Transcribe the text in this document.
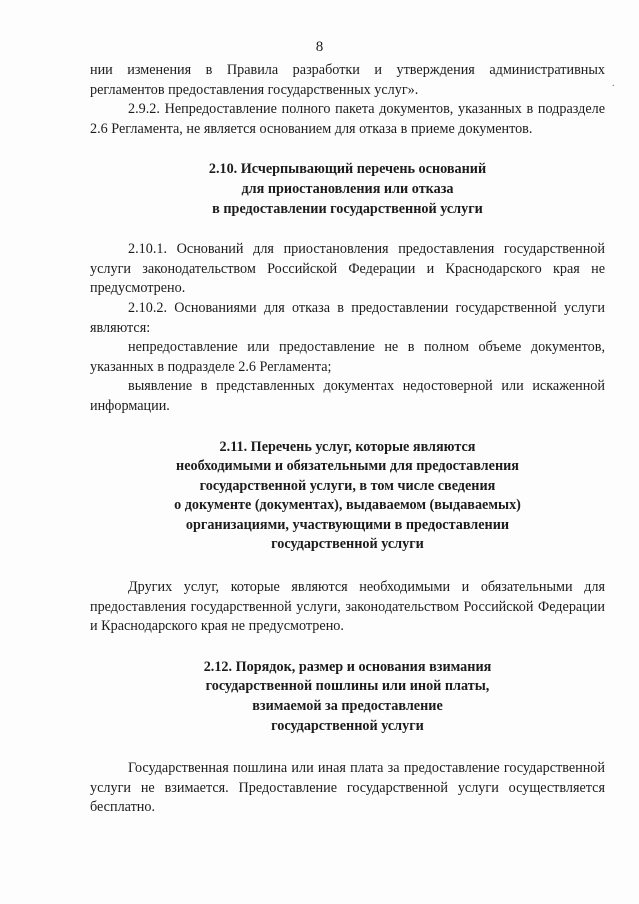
8
.

нии изменения в Правила разработки и утверждения административных регламентов предоставления государственных услуг».

2.9.2. Непредоставление полного пакета документов, указанных в подразделе 2.6 Регламента, не является основанием для отказа в приеме документов.

2.10. Исчерпывающий перечень оснований
для приостановления или отказа
в предоставлении государственной услуги

2.10.1. Оснований для приостановления предоставления государственной услуги законодательством Российской Федерации и Краснодарского края не предусмотрено.

2.10.2. Основаниями для отказа в предоставлении государственной услуги являются:

непредоставление или предоставление не в полном объеме документов, указанных в подразделе 2.6 Регламента;

выявление в представленных документах недостоверной или искаженной информации.

2.11. Перечень услуг, которые являются
необходимыми и обязательными для предоставления
государственной услуги, в том числе сведения
о документе (документах), выдаваемом (выдаваемых)
организациями, участвующими в предоставлении
государственной услуги

Других услуг, которые являются необходимыми и обязательными для предоставления государственной услуги, законодательством Российской Федерации и Краснодарского края не предусмотрено.

2.12. Порядок, размер и основания взимания
государственной пошлины или иной платы,
взимаемой за предоставление
государственной услуги

Государственная пошлина или иная плата за предоставление государственной услуги не взимается. Предоставление государственной услуги осуществляется бесплатно.
